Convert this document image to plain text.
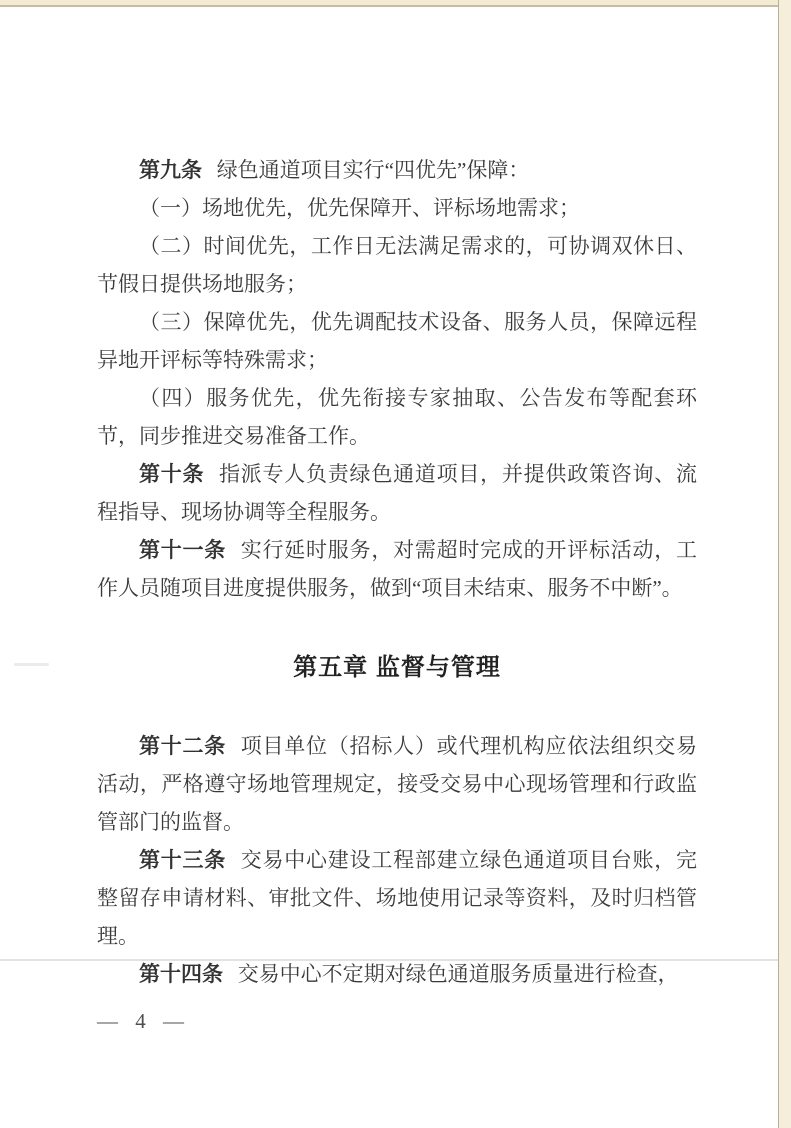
第九条 绿色通道项目实行“四优先”保障：

（一）场地优先，优先保障开、评标场地需求；

（二）时间优先，工作日无法满足需求的，可协调双休日、节假日提供场地服务；

（三）保障优先，优先调配技术设备、服务人员，保障远程异地开评标等特殊需求；

（四）服务优先，优先衔接专家抽取、公告发布等配套环节，同步推进交易准备工作。

第十条 指派专人负责绿色通道项目，并提供政策咨询、流程指导、现场协调等全程服务。

第十一条 实行延时服务，对需超时完成的开评标活动，工作人员随项目进度提供服务，做到“项目未结束、服务不中断”。

第五章 监督与管理

第十二条 项目单位（招标人）或代理机构应依法组织交易活动，严格遵守场地管理规定，接受交易中心现场管理和行政监管部门的监督。

第十三条 交易中心建设工程部建立绿色通道项目台账，完整留存申请材料、审批文件、场地使用记录等资料，及时归档管理。

第十四条 交易中心不定期对绿色通道服务质量进行检查，

— 4 —
